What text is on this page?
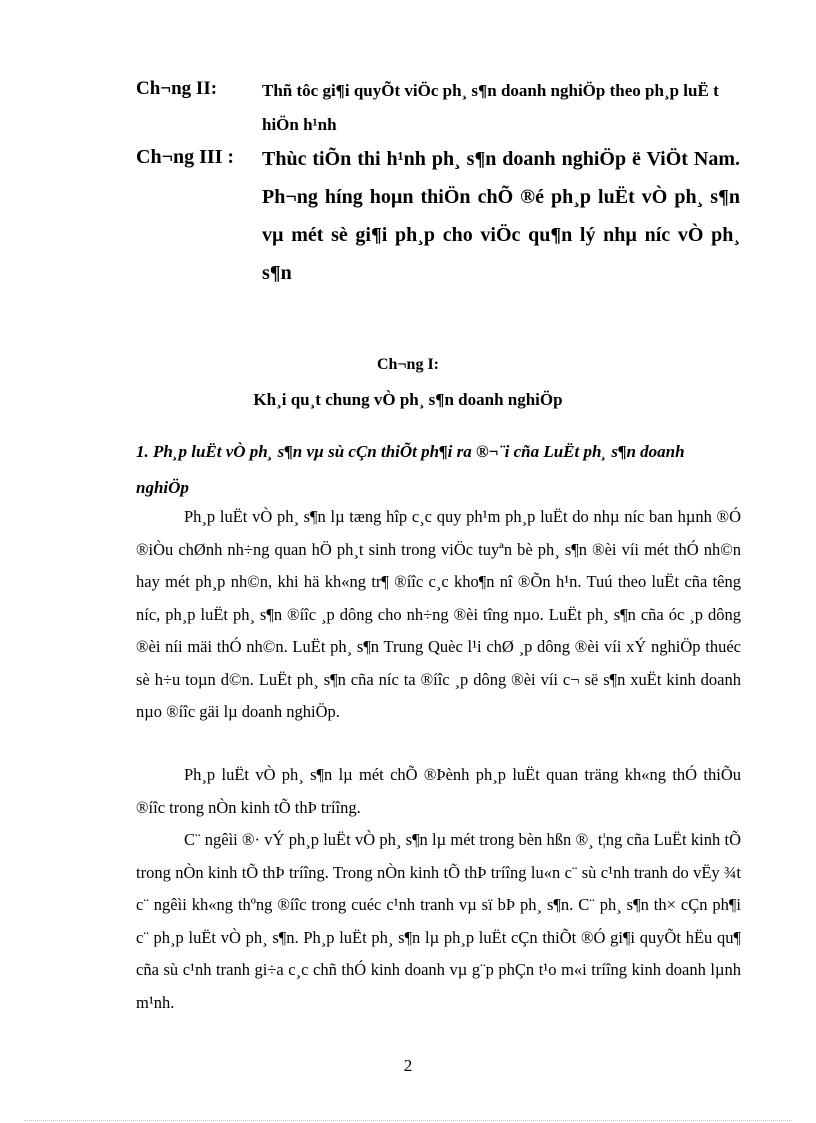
Ch¬ng II:	Thñ tôc gi¶i quyÕt viÖc ph¸ s¶n doanh nghiÖp theo ph¸p luË t hiÖn h¹nh
Ch¬ng III : Thùc tiÕn thi h¹nh ph¸ s¶n doanh nghiÖp ë ViÖt Nam. Ph¬ng híng hoµn thiÖn chÕ ®é ph¸p luËt vÒ ph¸ s¶n vµ mét sè gi¶i ph¸p cho viÖc qu¶n lý nhµ níc vÒ ph¸ s¶n
Ch¬ng I:
Kh¸i qu¸t chung vÒ ph¸ s¶n doanh nghiÖp
1. Ph¸p luËt vÒ ph¸ s¶n vµ sù cÇn thiÕt ph¶i ra ®¬¨i cña LuËt ph¸ s¶n doanh nghiÖp

Ph¸p luËt vÒ ph¸ s¶n lµ tæng hîp c¸c quy ph¹m ph¸p luËt do nhµ níc ban hµnh ®Ó ®iÒu chØnh nh÷ng quan hÖ ph¸t sinh trong viÖc tuyªn bè ph¸ s¶n ®èi víi mét thÓ nh©n hay mét ph¸p nh©n, khi hä kh«ng tr¶ ®íîc c¸c kho¶n nî ®Õn h¹n. Tuú theo luËt cña têng níc, ph¸p luËt ph¸ s¶n ®íîc ¸p dông cho nh÷ng ®èi tîng nµo. LuËt ph¸ s¶n cña óc ¸p dông ®èi níi mäi thÓ nh©n. LuËt ph¸ s¶n Trung Quèc l¹i chØ ¸p dông ®èi víi xÝ nghiÖp thuéc sè h÷u toµn d©n. LuËt ph¸ s¶n cña níc ta ®íîc ¸p dông ®èi víi c¬ së s¶n xuËt kinh doanh nµo ®íîc gäi lµ doanh nghiÖp.

Ph¸p luËt vÒ ph¸ s¶n lµ mét chÕ ®Þènh ph¸p luËt quan träng kh«ng thÓ thiÕu ®íîc trong nÒn kinh tÕ thÞ tríîng.

C¨ ngêìi ®· vÝ ph¸p luËt vÒ ph¸ s¶n lµ mét trong bèn hßn ®¸ t¦ng cña LuËt kinh tÕ trong nÒn kinh tÕ thÞ tríîng. Trong nÒn kinh tÕ thÞ tríîng lu«n c¨ sù c¹nh tranh do vËy ¾t c¨ ngêìi kh«ng thºng ®íîc trong cuéc c¹nh tranh vµ sï bÞ ph¸ s¶n. C¨ ph¸ s¶n th× cÇn ph¶i c¨ ph¸p luËt vÒ ph¸ s¶n. Ph¸p luËt ph¸ s¶n lµ ph¸p luËt cÇn thiÕt ®Ó gi¶i quyÕt hËu qu¶ cña sù c¹nh tranh gi÷a c¸c chñ thÓ kinh doanh vµ g¨p phÇn t¹o m«i tríîng kinh doanh lµnh m¹nh.

2
